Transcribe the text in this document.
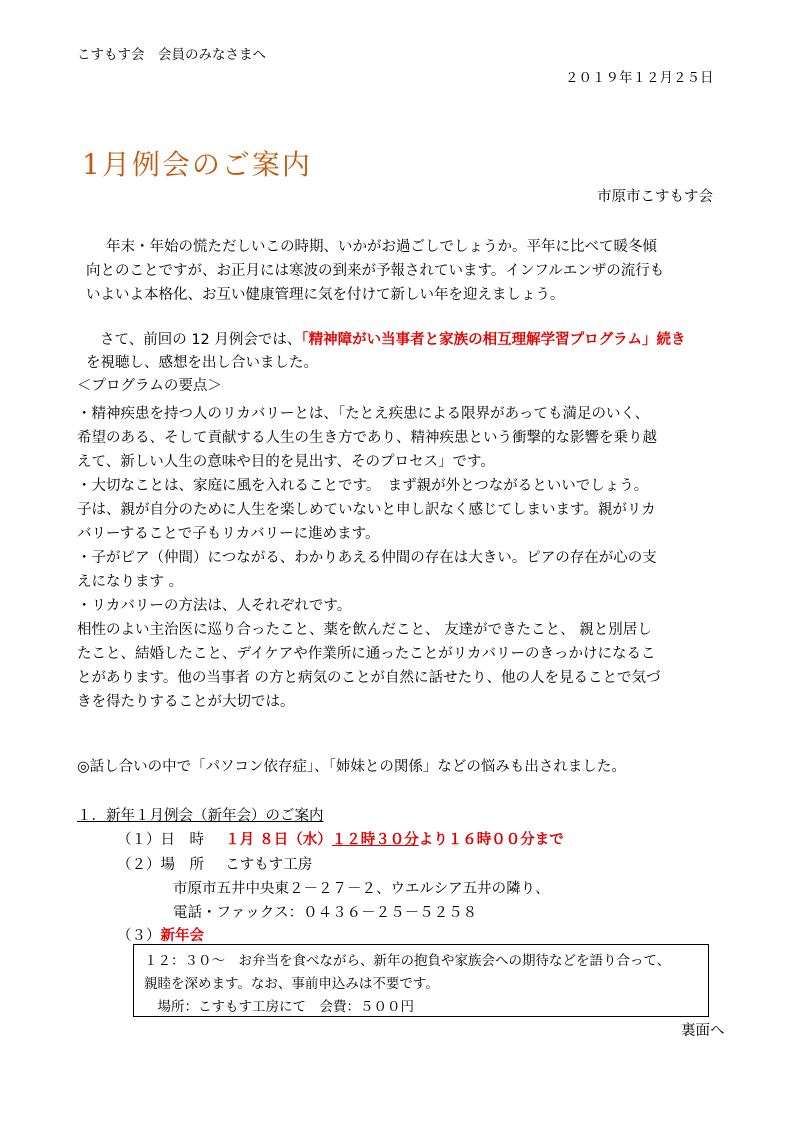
こすもす会　会員のみなさまへ
２０１９年１２月２５日
1月例会のご案内
市原市こすもす会
年末・年始の慌ただしいこの時期、いかがお過ごしでしょうか。平年に比べて暖冬傾
向とのことですが、お正月には寒波の到来が予報されています。インフルエンザの流行も
いよいよ本格化、お互い健康管理に気を付けて新しい年を迎えましょう。
さて、前回の 12 月例会では、「精神障がい当事者と家族の相互理解学習プログラム」続き
を視聴し、感想を出し合いました。
＜プログラムの要点＞
・精神疾患を持つ人のリカバリーとは、「たとえ疾患による限界があっても満足のいく、
希望のある、そして貢献する人生の生き方であり、精神疾患という衝撃的な影響を乗り越
えて、新しい人生の意味や目的を見出す、そのプロセス」です。
・大切なことは、家庭に風を入れることです。　まず親が外とつながるといいでしょう。
子は、親が自分のために人生を楽しめていないと申し訳なく感じてしまいます。親がリカ
バリーすることで子もリカバリーに進めます。
・子がピア（仲間）につながる、わかりあえる仲間の存在は大きい。ピアの存在が心の支
えになります 。
・リカバリーの方法は、人それぞれです。
相性のよい主治医に巡り合ったこと、薬を飲んだこと、 友達ができたこと、 親と別居し
たこと、結婚したこと、デイケアや作業所に通ったことがリカバリーのきっかけになるこ
とがあります。他の当事者 の方と病気のことが自然に話せたり、他の人を見ることで気づ
きを得たりすることが大切では。
◎話し合いの中で「パソコン依存症」、「姉妹との関係」などの悩みも出されました。
１．新年１月例会（新年会）のご案内
（１）日　時 １月 ８日（水）１２時３０分より１６時００分まで
（２）場　所 こすもす工房
市原市五井中央東２－２７－２、ウエルシア五井の隣り、
電話・ファックス：０４３６－２５－５２５８
（３）新年会
１２：３０～　お弁当を食べながら、新年の抱負や家族会への期待などを語り合って、
親睦を深めます。なお、事前申込みは不要です。
　場所：こすもす工房にて　会費：５００円
裏面へ
